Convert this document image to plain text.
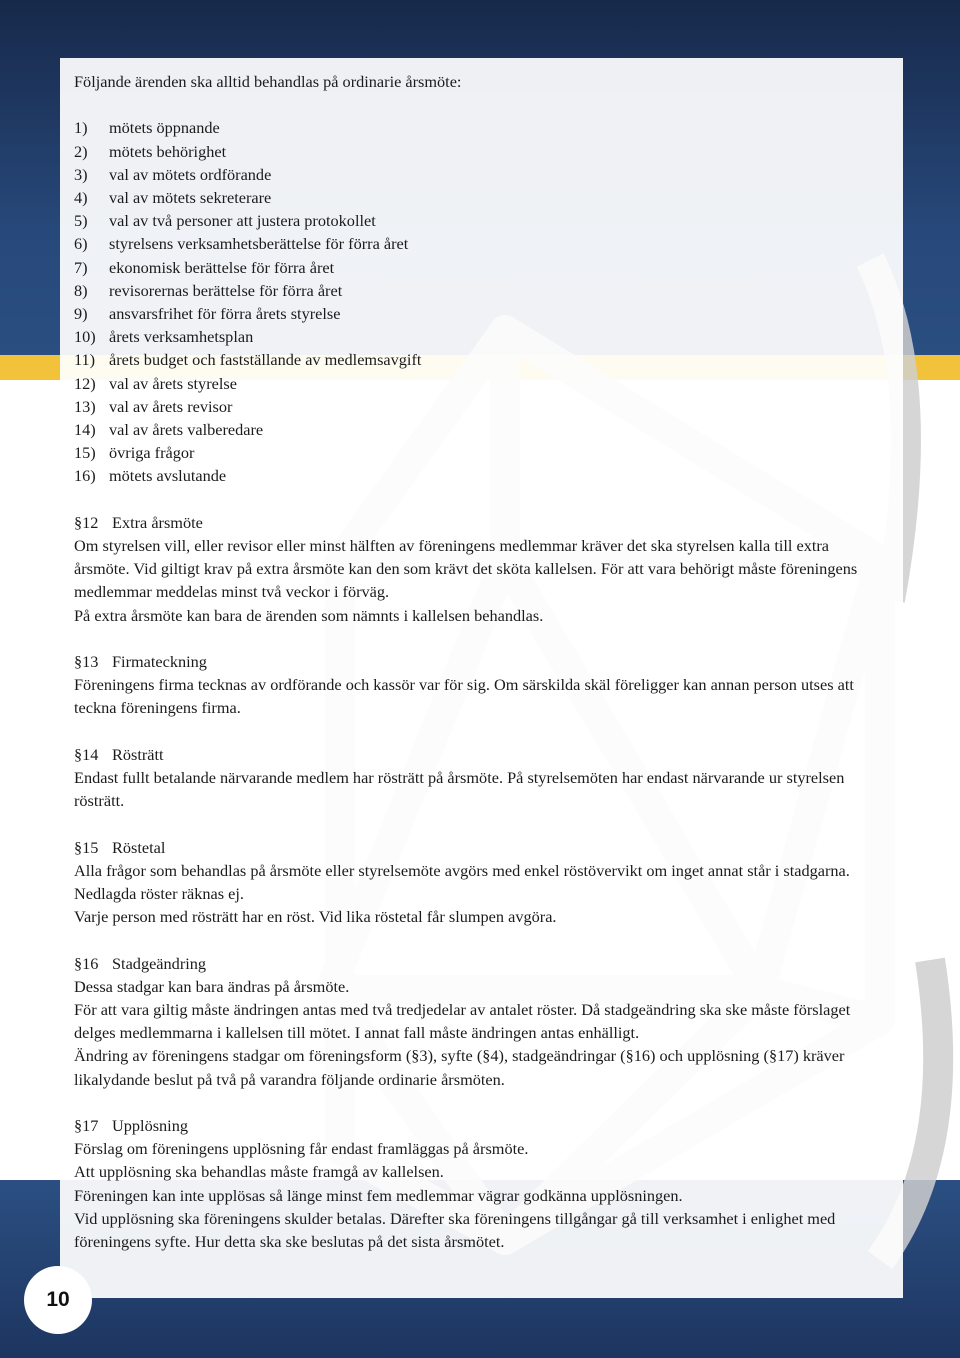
Följande ärenden ska alltid behandlas på ordinarie årsmöte:

1)	mötets öppnande
2)	mötets behörighet
3)	val av mötets ordförande
4)	val av mötets sekreterare
5)	val av två personer att justera protokollet
6)	styrelsens verksamhetsberättelse för förra året
7)	ekonomisk berättelse för förra året
8)	revisorernas berättelse för förra året
9)	ansvarsfrihet för förra årets styrelse
10) årets verksamhetsplan
11) årets budget och fastställande av medlemsavgift
12) val av årets styrelse
13) val av årets revisor
14) val av årets valberedare
15) övriga frågor
16) mötets avslutande
§12 Extra årsmöte

Om styrelsen vill, eller revisor eller minst hälften av föreningens medlemmar kräver det ska styrelsen kalla till extra årsmöte. Vid giltigt krav på extra årsmöte kan den som krävt det sköta kallelsen. För att vara behörigt måste föreningens medlemmar meddelas minst två veckor i förväg.

På extra årsmöte kan bara de ärenden som nämnts i kallelsen behandlas.

§13 Firmateckning

Föreningens firma tecknas av ordförande och kassör var för sig. Om särskilda skäl föreligger kan annan person utses att teckna föreningens firma.

§14 Rösträtt

Endast fullt betalande närvarande medlem har rösträtt på årsmöte. På styrelsemöten har endast närvarande ur styrelsen rösträtt.

§15 Röstetal

Alla frågor som behandlas på årsmöte eller styrelsemöte avgörs med enkel röstövervikt om inget annat står i stadgarna. Nedlagda röster räknas ej.

Varje person med rösträtt har en röst. Vid lika röstetal får slumpen avgöra.

§16 Stadgeändring

Dessa stadgar kan bara ändras på årsmöte.

För att vara giltig måste ändringen antas med två tredjedelar av antalet röster. Då stadgeändring ska ske måste förslaget delges medlemmarna i kallelsen till mötet. I annat fall måste ändringen antas enhälligt.

Ändring av föreningens stadgar om föreningsform (§3), syfte (§4), stadgeändringar (§16) och upplösning (§17) kräver likalydande beslut på två på varandra följande ordinarie årsmöten.

§17 Upplösning

Förslag om föreningens upplösning får endast framläggas på årsmöte.

Att upplösning ska behandlas måste framgå av kallelsen.

Föreningen kan inte upplösas så länge minst fem medlemmar vägrar godkänna upplösningen.

Vid upplösning ska föreningens skulder betalas. Därefter ska föreningens tillgångar gå till verksamhet i enlighet med föreningens syfte. Hur detta ska ske beslutas på det sista årsmötet.

10
